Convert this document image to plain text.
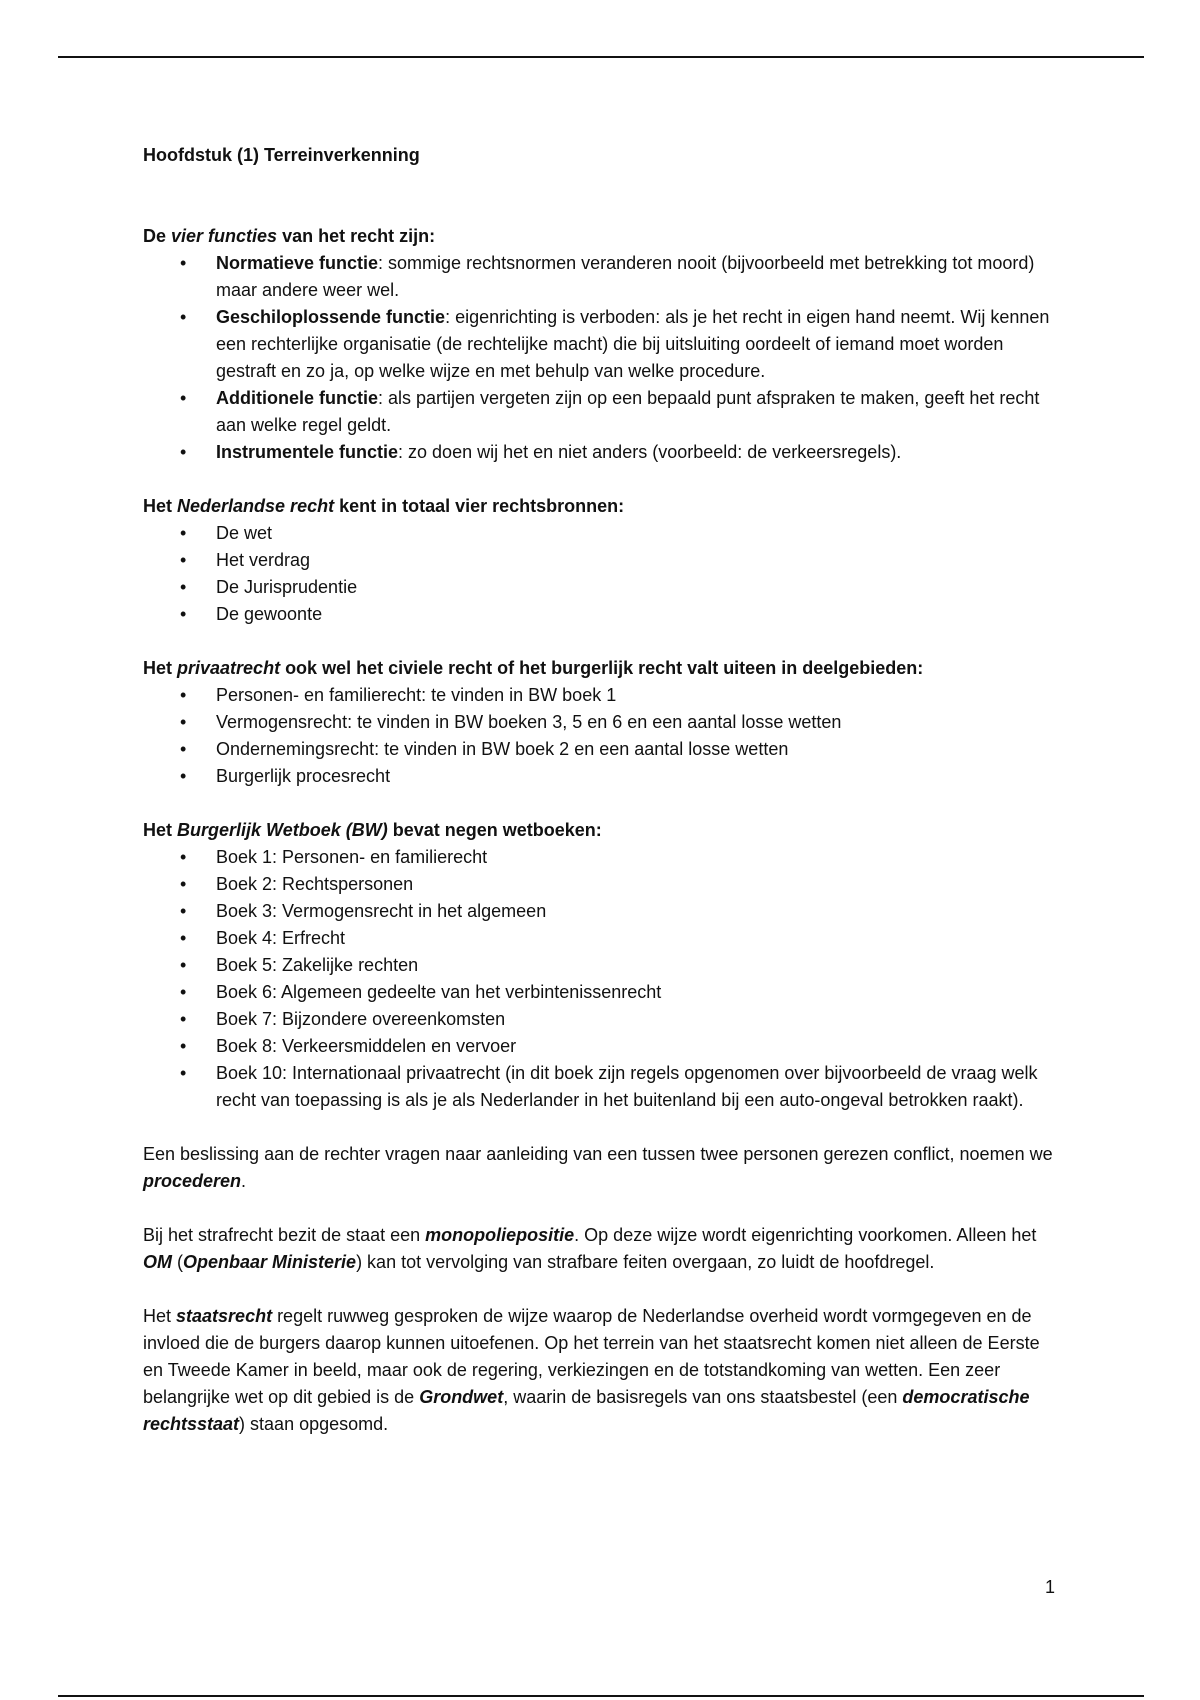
Hoofdstuk (1) Terreinverkenning

De vier functies van het recht zijn:

• Normatieve functie: sommige rechtsnormen veranderen nooit (bijvoorbeeld met betrekking tot moord) maar andere weer wel.
• Geschiloplossende functie: eigenrichting is verboden: als je het recht in eigen hand neemt. Wij kennen een rechterlijke organisatie (de rechtelijke macht) die bij uitsluiting oordeelt of iemand moet worden gestraft en zo ja, op welke wijze en met behulp van welke procedure.
• Additionele functie: als partijen vergeten zijn op een bepaald punt afspraken te maken, geeft het recht aan welke regel geldt.
• Instrumentele functie: zo doen wij het en niet anders (voorbeeld: de verkeersregels).

Het Nederlandse recht kent in totaal vier rechtsbronnen:

• De wet
• Het verdrag
• De Jurisprudentie
• De gewoonte

Het privaatrecht ook wel het civiele recht of het burgerlijk recht valt uiteen in deelgebieden:

• Personen- en familierecht: te vinden in BW boek 1
• Vermogensrecht: te vinden in BW boeken 3, 5 en 6 en een aantal losse wetten
• Ondernemingsrecht: te vinden in BW boek 2 en een aantal losse wetten
• Burgerlijk procesrecht

Het Burgerlijk Wetboek (BW) bevat negen wetboeken:

• Boek 1: Personen- en familierecht
• Boek 2: Rechtspersonen
• Boek 3: Vermogensrecht in het algemeen
• Boek 4: Erfrecht
• Boek 5: Zakelijke rechten
• Boek 6: Algemeen gedeelte van het verbintenissenrecht
• Boek 7: Bijzondere overeenkomsten
• Boek 8: Verkeersmiddelen en vervoer
• Boek 10: Internationaal privaatrecht (in dit boek zijn regels opgenomen over bijvoorbeeld de vraag welk recht van toepassing is als je als Nederlander in het buitenland bij een auto-ongeval betrokken raakt).

Een beslissing aan de rechter vragen naar aanleiding van een tussen twee personen gerezen conflict, noemen we procederen.

Bij het strafrecht bezit de staat een monopoliepositie. Op deze wijze wordt eigenrichting voorkomen. Alleen het OM (Openbaar Ministerie) kan tot vervolging van strafbare feiten overgaan, zo luidt de hoofdregel.

Het staatsrecht regelt ruwweg gesproken de wijze waarop de Nederlandse overheid wordt vormgegeven en de invloed die de burgers daarop kunnen uitoefenen. Op het terrein van het staatsrecht komen niet alleen de Eerste en Tweede Kamer in beeld, maar ook de regering, verkiezingen en de totstandkoming van wetten. Een zeer belangrijke wet op dit gebied is de Grondwet, waarin de basisregels van ons staatsbestel (een democratische rechtsstaat) staan opgesomd.

1
